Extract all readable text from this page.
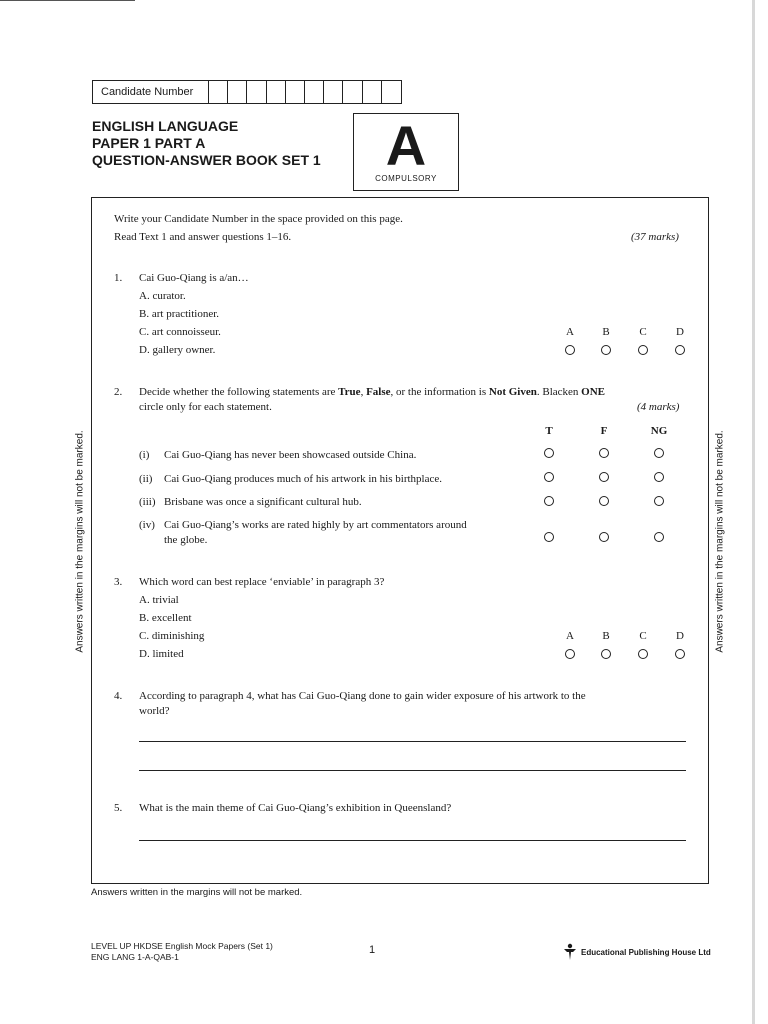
Candidate Number
ENGLISH LANGUAGE
PAPER 1 PART A
QUESTION-ANSWER BOOK SET 1	A
COMPULSORY
Write your Candidate Number in the space provided on this page.
Read Text 1 and answer questions 1–16.	(37 marks)
1. Cai Guo-Qiang is a/an…
A. curator.
B. art practitioner.
C. art connoisseur.
D. gallery owner.
A	B	C	D
2. Decide whether the following statements are True, False, or the information is Not Given. Blacken ONE
circle only for each statement.	(4 marks)
T	F	NG
(i) Cai Guo-Qiang has never been showcased outside China.
(ii) Cai Guo-Qiang produces much of his artwork in his birthplace.
(iii) Brisbane was once a significant cultural hub.
(iv) Cai Guo-Qiang’s works are rated highly by art commentators around
the globe.
3. Which word can best replace ‘enviable’ in paragraph 3?
A. trivial
B. excellent
C. diminishing
D. limited
A	B	C	D
4. According to paragraph 4, what has Cai Guo-Qiang done to gain wider exposure of his artwork to the
world?
5. What is the main theme of Cai Guo-Qiang’s exhibition in Queensland?
Answers written in the margins will not be marked.	Answers written in the margins will not be marked.
Answers written in the margins will not be marked.
LEVEL UP HKDSE English Mock Papers (Set 1)
ENG LANG 1-A-QAB-1
1	Educational Publishing House Ltd
